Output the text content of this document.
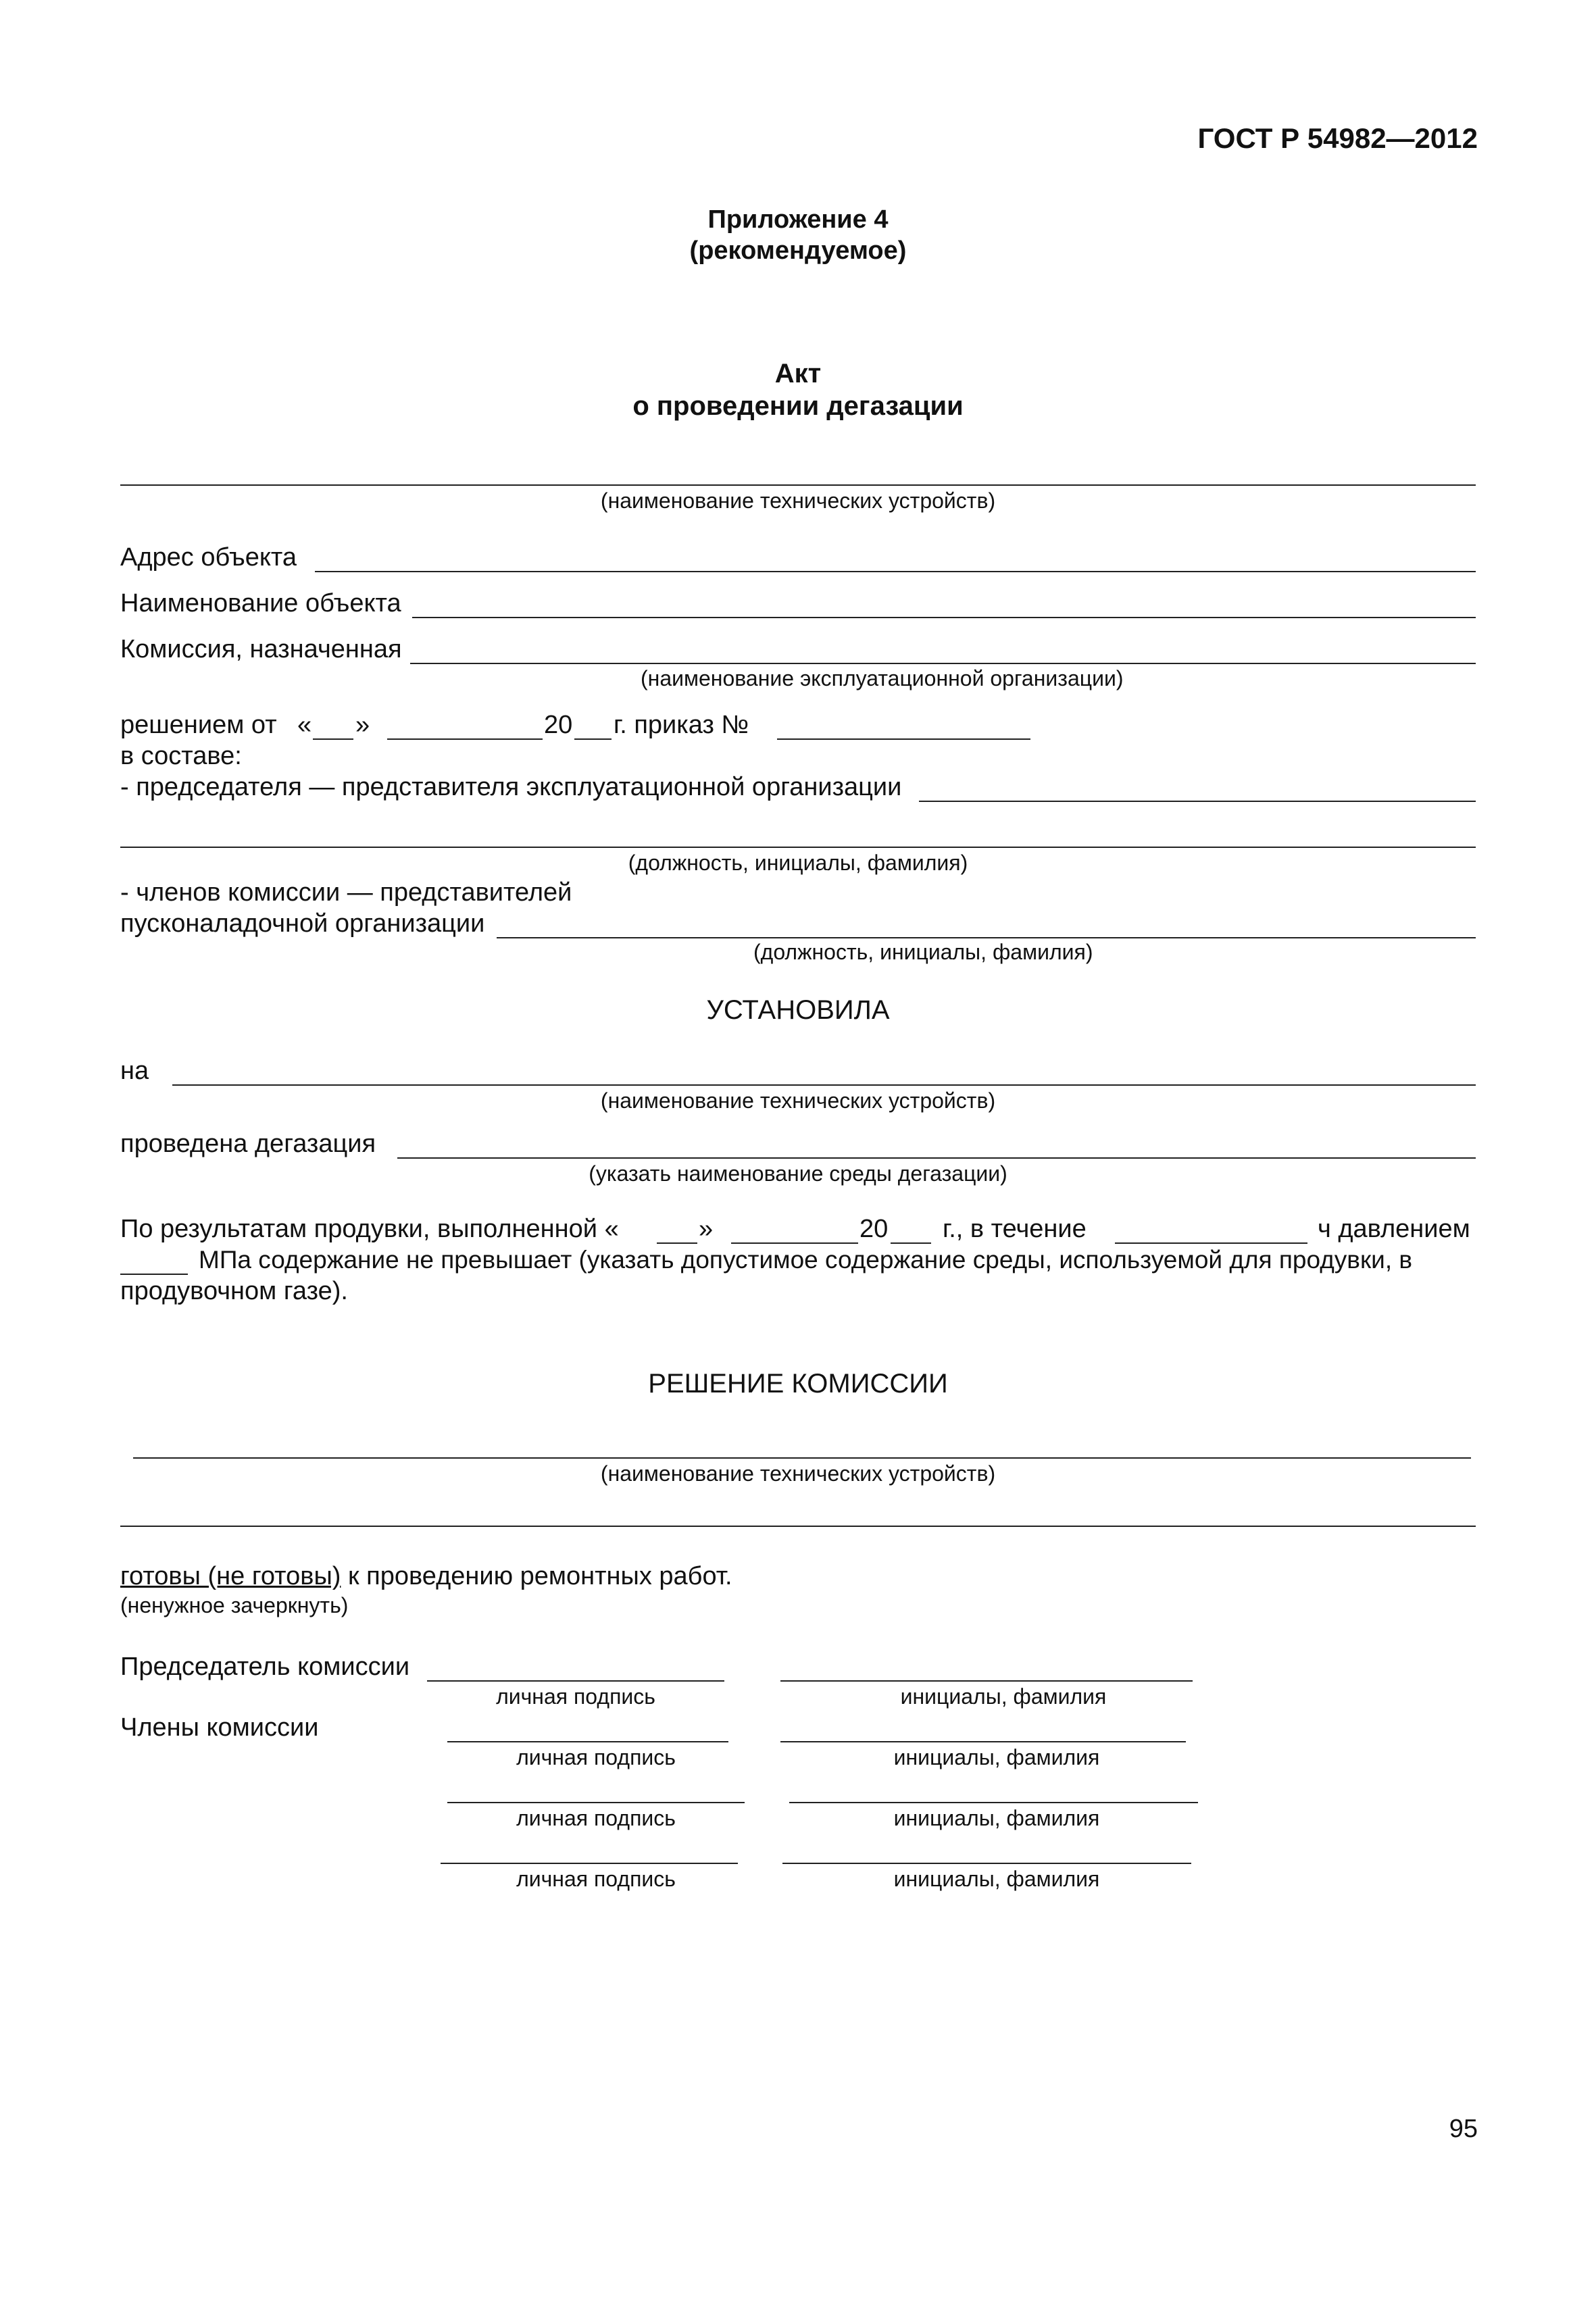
ГОСТ Р 54982—2012
Приложение 4
(рекомендуемое)
Акт
о проведении дегазации
(наименование технических устройств)
Адрес объекта
Наименование объекта
Комиссия, назначенная
(наименование эксплуатационной организации)
решением от « »	20 г. приказ №
в составе:
- председателя — представителя эксплуатационной организации
(должность, инициалы, фамилия)
- членов комиссии — представителей
пусконаладочной организации
(должность, инициалы, фамилия)
УСТАНОВИЛА
на
(наименование технических устройств)
проведена дегазация
(указать наименование среды дегазации)
По результатам продувки, выполненной «	»	20 г., в течение	ч давлением
МПа содержание не превышает (указать допустимое содержание среды, используемой для продувки, в
продувочном газе).
РЕШЕНИЕ КОМИССИИ
(наименование технических устройств)
готовы (не готовы) к проведению ремонтных работ.
(ненужное зачеркнуть)
Председатель комиссии
личная подпись	инициалы, фамилия
Члены комиссии
личная подпись	инициалы, фамилия
личная подпись	инициалы, фамилия
личная подпись	инициалы, фамилия
95
